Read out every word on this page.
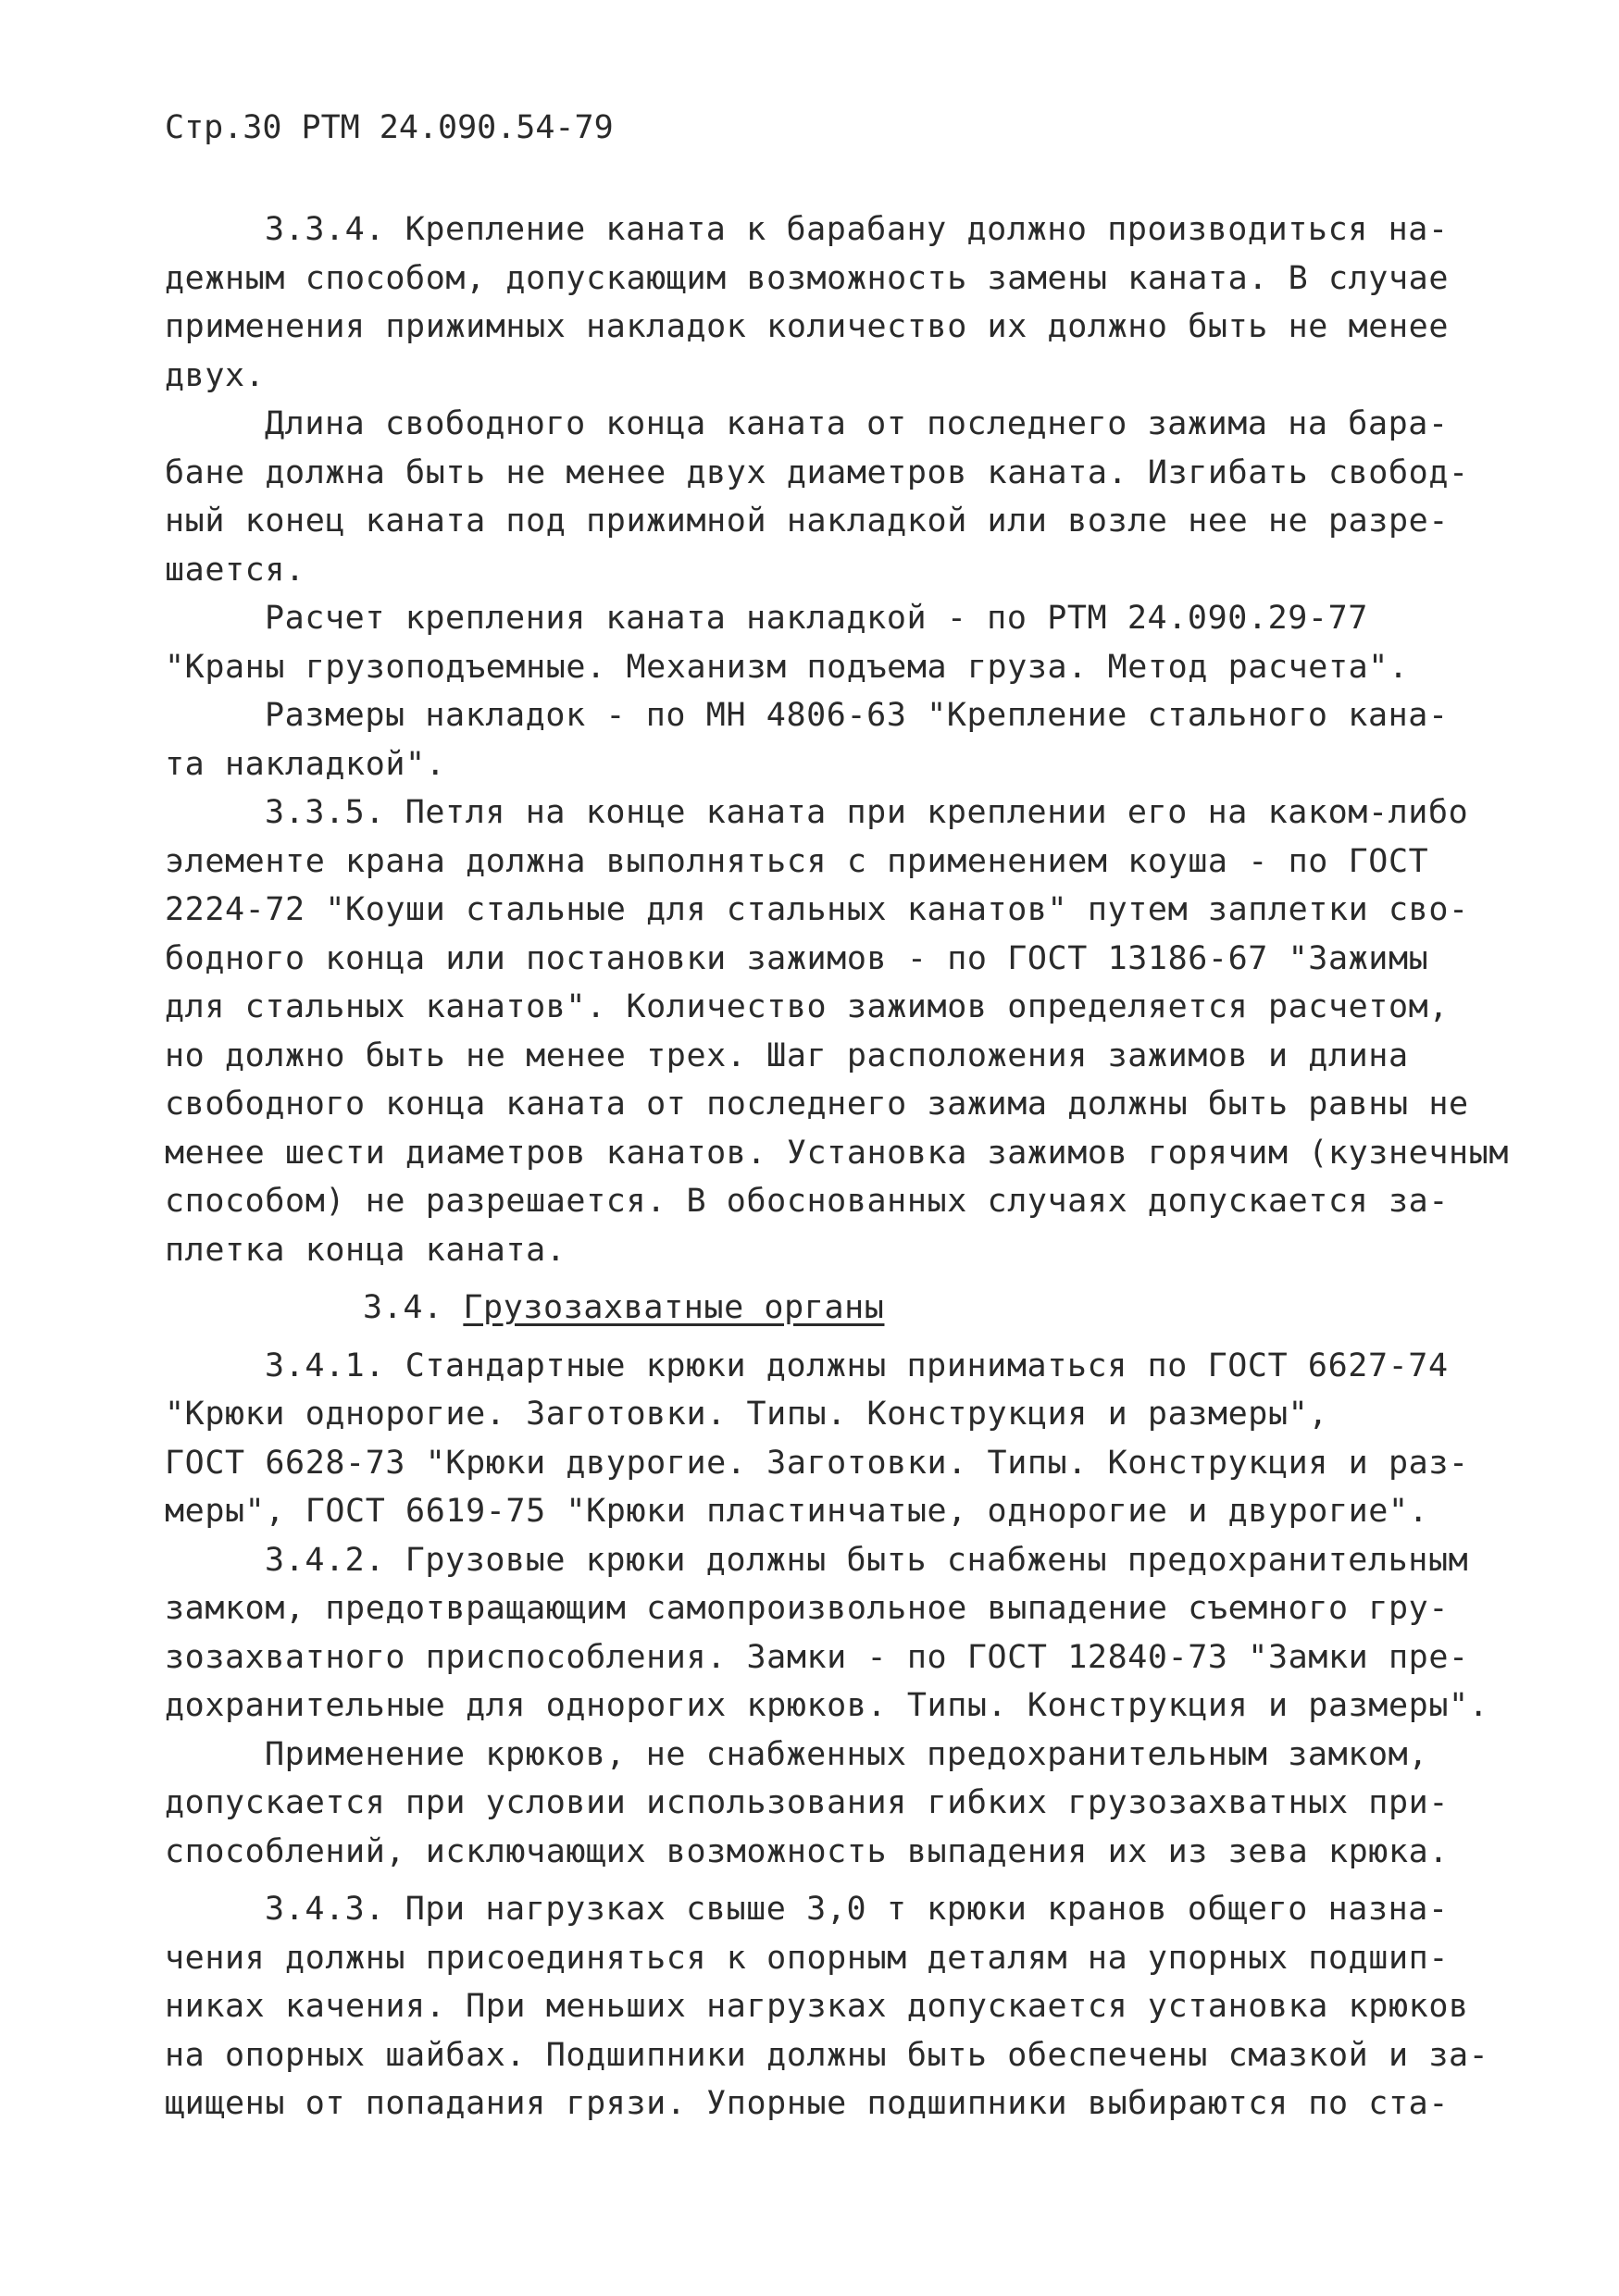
Стр.30 РТМ 24.090.54-79
3.3.4. Крепление каната к барабану должно производиться на-
дежным способом, допускающим возможность замены каната. В случае
применения прижимных накладок количество их должно быть не менее
двух.
Длина свободного конца каната от последнего зажима на бара-
бане должна быть не менее двух диаметров каната. Изгибать свобод-
ный конец каната под прижимной накладкой или возле нее не разре-
шается.
Расчет крепления каната накладкой - по РТМ 24.090.29-77
"Краны грузоподъемные. Механизм подъема груза. Метод расчета".
Размеры накладок - по МН 4806-63 "Крепление стального кана-
та накладкой".
3.3.5. Петля на конце каната при креплении его на каком-либо
элементе крана должна выполняться с применением коуша - по ГОСТ
2224-72 "Коуши стальные для стальных канатов" путем заплетки сво-
бодного конца или постановки зажимов - по ГОСТ 13186-67 "Зажимы
для стальных канатов". Количество зажимов определяется расчетом,
но должно быть не менее трех. Шаг расположения зажимов и длина
свободного конца каната от последнего зажима должны быть равны не
менее шести диаметров канатов. Установка зажимов горячим (кузнечным
способом) не разрешается. В обоснованных случаях допускается за-
плетка конца каната.
3.4. Грузозахватные органы
3.4.1. Стандартные крюки должны приниматься по ГОСТ 6627-74
"Крюки однорогие. Заготовки. Типы. Конструкция и размеры",
ГОСТ 6628-73 "Крюки двурогие. Заготовки. Типы. Конструкция и раз-
меры", ГОСТ 6619-75 "Крюки пластинчатые, однорогие и двурогие".
3.4.2. Грузовые крюки должны быть снабжены предохранительным
замком, предотвращающим самопроизвольное выпадение съемного гру-
зозахватного приспособления. Замки - по ГОСТ 12840-73 "Замки пре-
дохранительные для однорогих крюков. Типы. Конструкция и размеры".
Применение крюков, не снабженных предохранительным замком,
допускается при условии использования гибких грузозахватных при-
способлений, исключающих возможность выпадения их из зева крюка.
3.4.3. При нагрузках свыше 3,0 т крюки кранов общего назна-
чения должны присоединяться к опорным деталям на упорных подшип-
никах качения. При меньших нагрузках допускается установка крюков
на опорных шайбах. Подшипники должны быть обеспечены смазкой и за-
щищены от попадания грязи. Упорные подшипники выбираются по ста-
